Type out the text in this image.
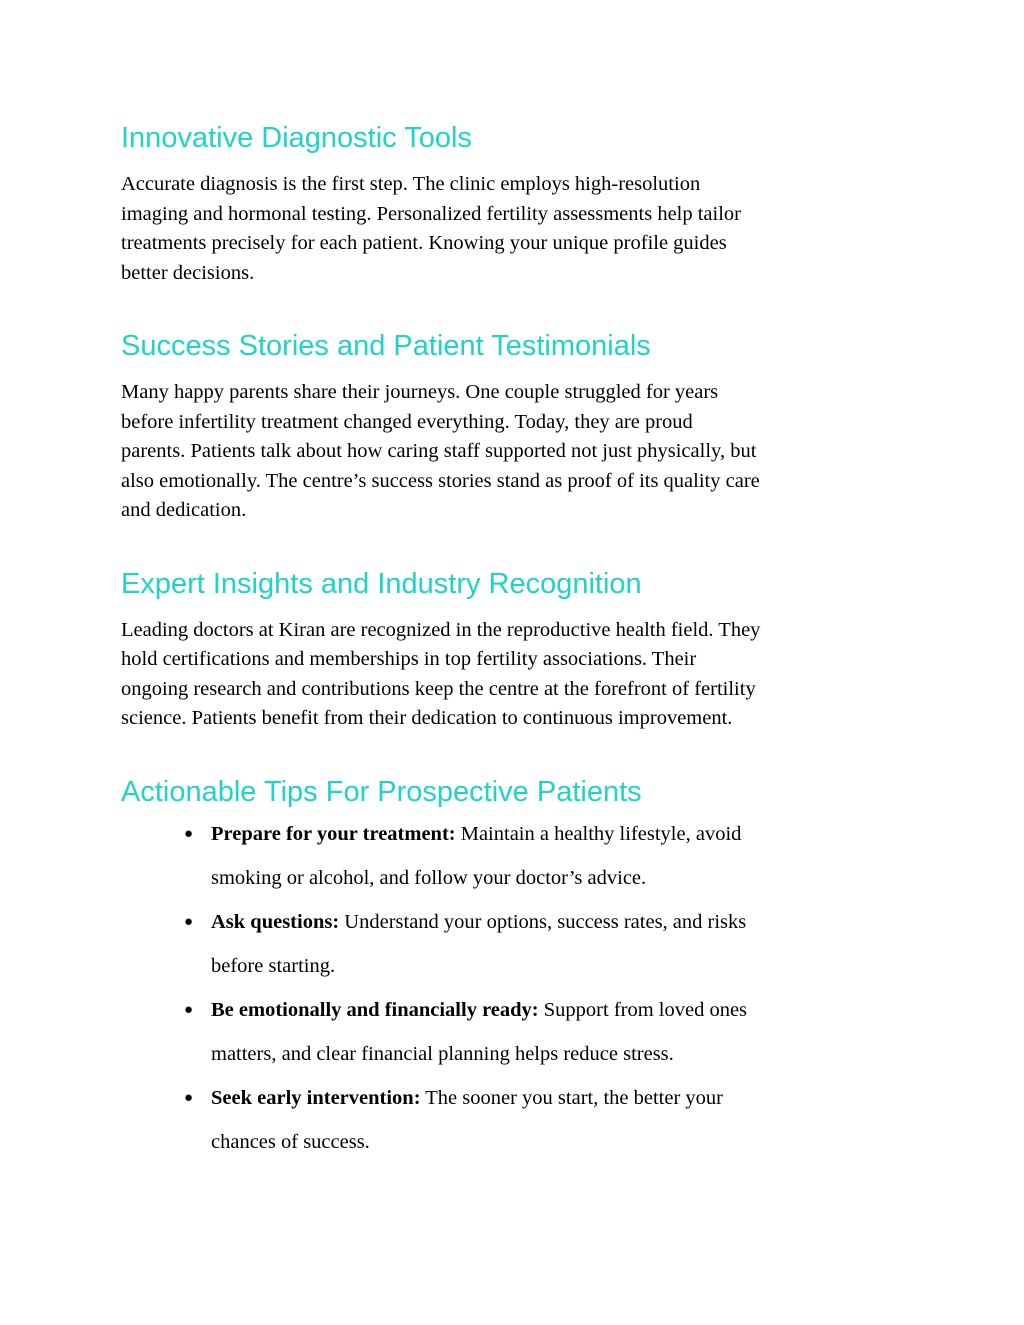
Innovative Diagnostic Tools

Accurate diagnosis is the first step. The clinic employs high-resolution
imaging and hormonal testing. Personalized fertility assessments help tailor
treatments precisely for each patient. Knowing your unique profile guides
better decisions.

Success Stories and Patient Testimonials

Many happy parents share their journeys. One couple struggled for years
before infertility treatment changed everything. Today, they are proud
parents. Patients talk about how caring staff supported not just physically, but
also emotionally. The centre’s success stories stand as proof of its quality care
and dedication.

Expert Insights and Industry Recognition

Leading doctors at Kiran are recognized in the reproductive health field. They
hold certifications and memberships in top fertility associations. Their
ongoing research and contributions keep the centre at the forefront of fertility
science. Patients benefit from their dedication to continuous improvement.

Actionable Tips For Prospective Patients
● Prepare for your treatment: Maintain a healthy lifestyle, avoid
smoking or alcohol, and follow your doctor’s advice.
● Ask questions: Understand your options, success rates, and risks
before starting.
● Be emotionally and financially ready: Support from loved ones
matters, and clear financial planning helps reduce stress.
● Seek early intervention: The sooner you start, the better your
chances of success.
